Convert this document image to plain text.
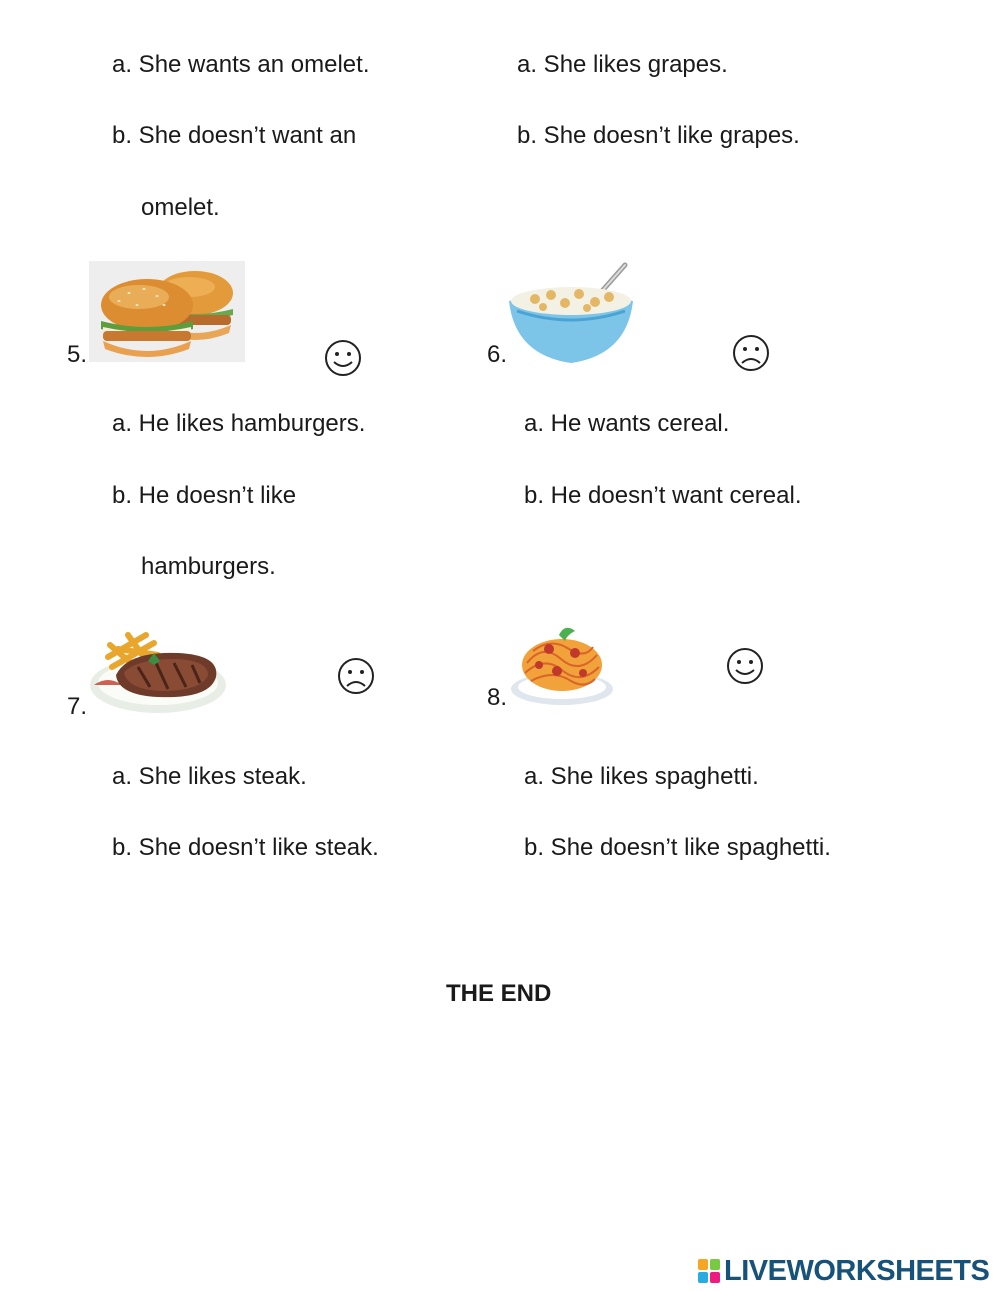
a. She wants an omelet.
b. She doesn’t want an
omelet.
a. She likes grapes.
b. She doesn’t like grapes.
5.
a. He likes hamburgers.
b. He doesn’t like
hamburgers.
6.
a. He wants cereal.
b. He doesn’t want cereal.
7.
a. She likes steak.
b. She doesn’t like steak.
8.
a. She likes spaghetti.
b. She doesn’t like spaghetti.
THE END
LIVEWORKSHEETS
